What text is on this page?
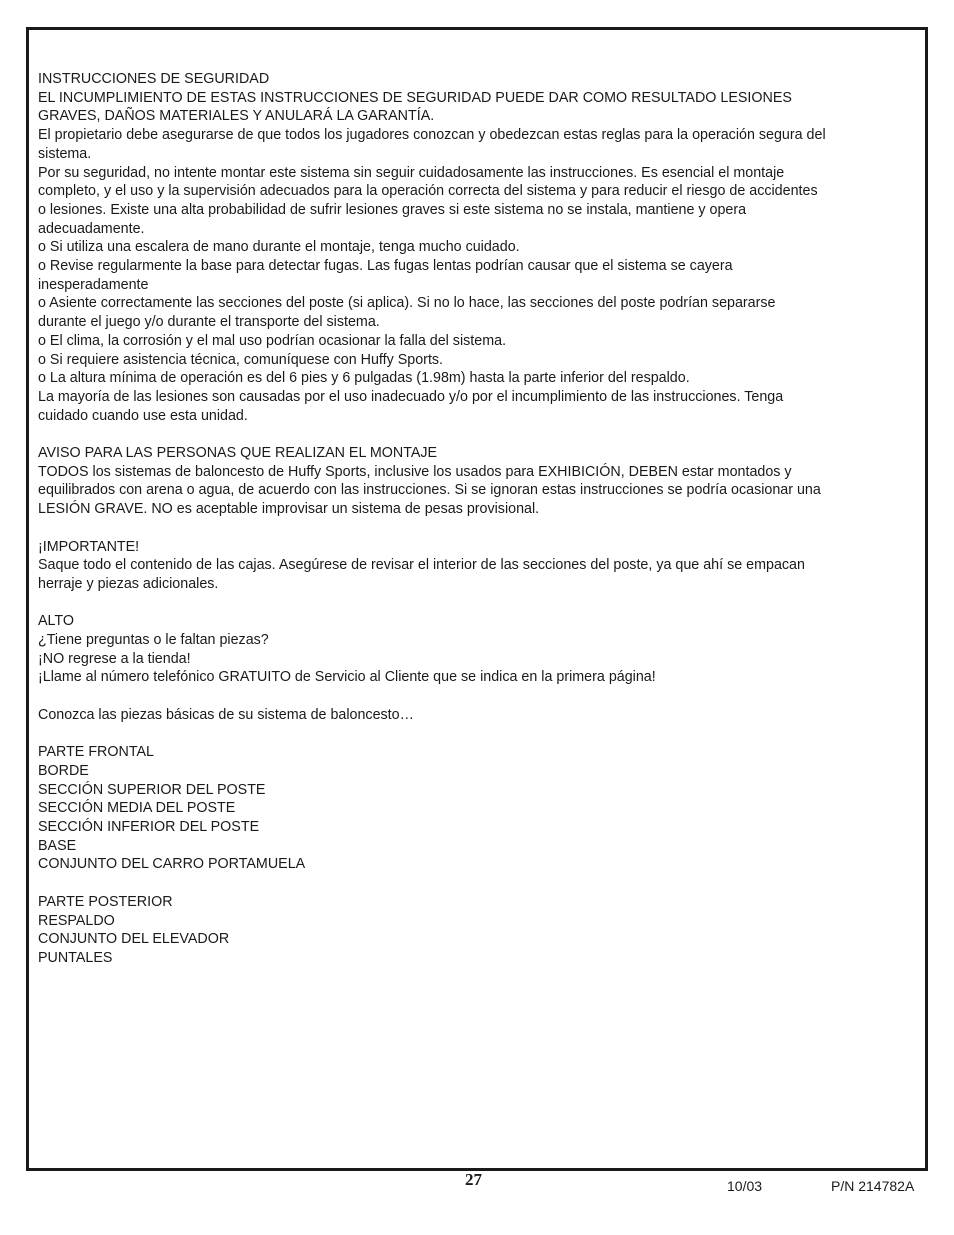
INSTRUCCIONES DE SEGURIDAD
EL INCUMPLIMIENTO DE ESTAS INSTRUCCIONES DE SEGURIDAD PUEDE DAR COMO RESULTADO LESIONES
GRAVES, DAÑOS MATERIALES Y ANULARÁ LA GARANTÍA.
El propietario debe asegurarse de que todos los jugadores conozcan y obedezcan estas reglas para la operación segura del
sistema.
Por su seguridad, no intente montar este sistema sin seguir cuidadosamente las instrucciones. Es esencial el montaje
completo, y el uso y la supervisión adecuados para la operación correcta del sistema y para reducir el riesgo de accidentes
o lesiones. Existe una alta probabilidad de sufrir lesiones graves si este sistema no se instala, mantiene y opera
adecuadamente.
o Si utiliza una escalera de mano durante el montaje, tenga mucho cuidado.
o Revise regularmente la base para detectar fugas. Las fugas lentas podrían causar que el sistema se cayera
inesperadamente
o Asiente correctamente las secciones del poste (si aplica). Si no lo hace, las secciones del poste podrían separarse
durante el juego y/o durante el transporte del sistema.
o El clima, la corrosión y el mal uso podrían ocasionar la falla del sistema.
o Si requiere asistencia técnica, comuníquese con Huffy Sports.
o La altura mínima de operación es del 6 pies y 6 pulgadas (1.98m) hasta la parte inferior del respaldo.
La mayoría de las lesiones son causadas por el uso inadecuado y/o por el incumplimiento de las instrucciones. Tenga
cuidado cuando use esta unidad.
AVISO PARA LAS PERSONAS QUE REALIZAN EL MONTAJE
TODOS los sistemas de baloncesto de Huffy Sports, inclusive los usados para EXHIBICIÓN, DEBEN estar montados y
equilibrados con arena o agua, de acuerdo con las instrucciones. Si se ignoran estas instrucciones se podría ocasionar una
LESIÓN GRAVE. NO es aceptable improvisar un sistema de pesas provisional.
¡IMPORTANTE!
Saque todo el contenido de las cajas. Asegúrese de revisar el interior de las secciones del poste, ya que ahí se empacan
herraje y piezas adicionales.
ALTO
¿Tiene preguntas o le faltan piezas?
¡NO regrese a la tienda!
¡Llame al número telefónico GRATUITO de Servicio al Cliente que se indica en la primera página!
Conozca las piezas básicas de su sistema de baloncesto…
PARTE FRONTAL
BORDE
SECCIÓN SUPERIOR DEL POSTE
SECCIÓN MEDIA DEL POSTE
SECCIÓN INFERIOR DEL POSTE
BASE
CONJUNTO DEL CARRO PORTAMUELA
PARTE POSTERIOR
RESPALDO
CONJUNTO DEL ELEVADOR
PUNTALES
27	10/03	P/N 214782A
